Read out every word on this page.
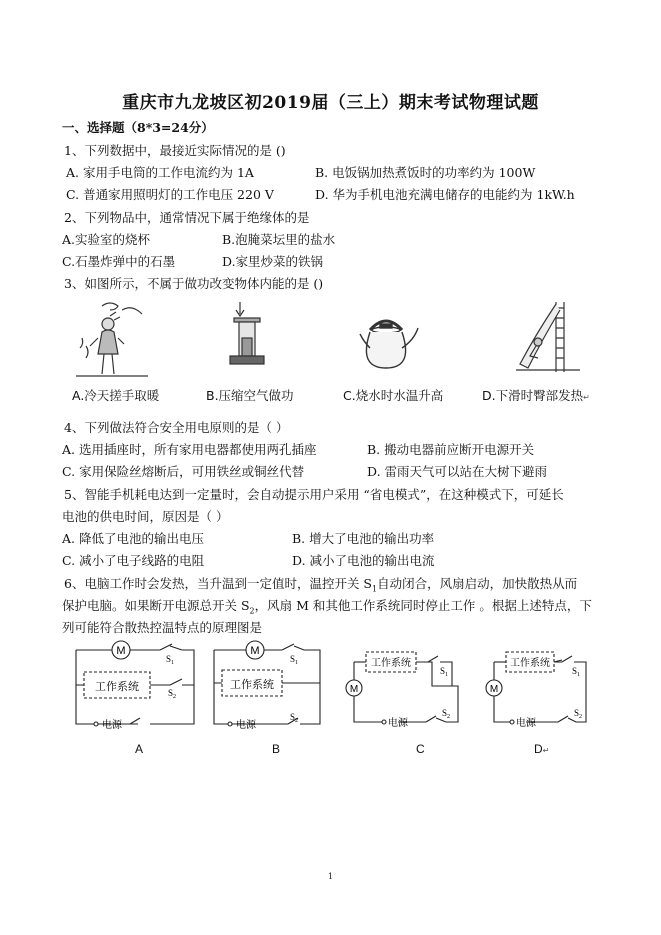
重庆市九龙坡区初2019届（三上）期末考试物理试题
一、选择题（8*3=24分）
1、下列数据中，最接近实际情况的是 ()
A. 家用手电筒的工作电流约为 1A	B. 电饭锅加热煮饭时的功率约为 100W
C. 普通家用照明灯的工作电压 220 V	D. 华为手机电池充满电储存的电能约为 1kW.h
2、下列物品中，通常情况下属于绝缘体的是
A.实验室的烧杯	B.泡腌菜坛里的盐水
C.石墨炸弹中的石墨	D.家里炒菜的铁锅
3、如图所示，不属于做功改变物体内能的是 ()
A.冷天搓手取暖	B.压缩空气做功	C.烧水时水温升高	D.下滑时臀部发热↵
4、下列做法符合安全用电原则的是（ ）
A. 选用插座时，所有家用电器都使用两孔插座	B. 搬动电器前应断开电源开关
C. 家用保险丝熔断后，可用铁丝或铜丝代替	D. 雷雨天气可以站在大树下避雨
5、智能手机耗电达到一定量时，会自动提示用户采用 “省电模式”，在这种模式下，可延长
电池的供电时间，原因是（ ）
A. 降低了电池的输出电压	B. 增大了电池的输出功率
C. 减小了电子线路的电阻	D. 减小了电池的输出电流
6、电脑工作时会发热，当升温到一定值时，温控开关 $S_1$自动闭合，风扇启动，加快散热从而
保护电脑。如果断开电源总开关 $S_2$，风扇 M 和其他工作系统同时停止工作 。根据上述特点，下
列可能符合散热控温特点的原理图是
M
工作系统
电源
$S_1$
$S_2$
M
工作系统
电源
$S_1$
$S_2$
M
工作系统
电源
$S_1$
$S_2$
M
工作系统
电源
$S_1$
$S_2$
A	B	C	D↵
1
